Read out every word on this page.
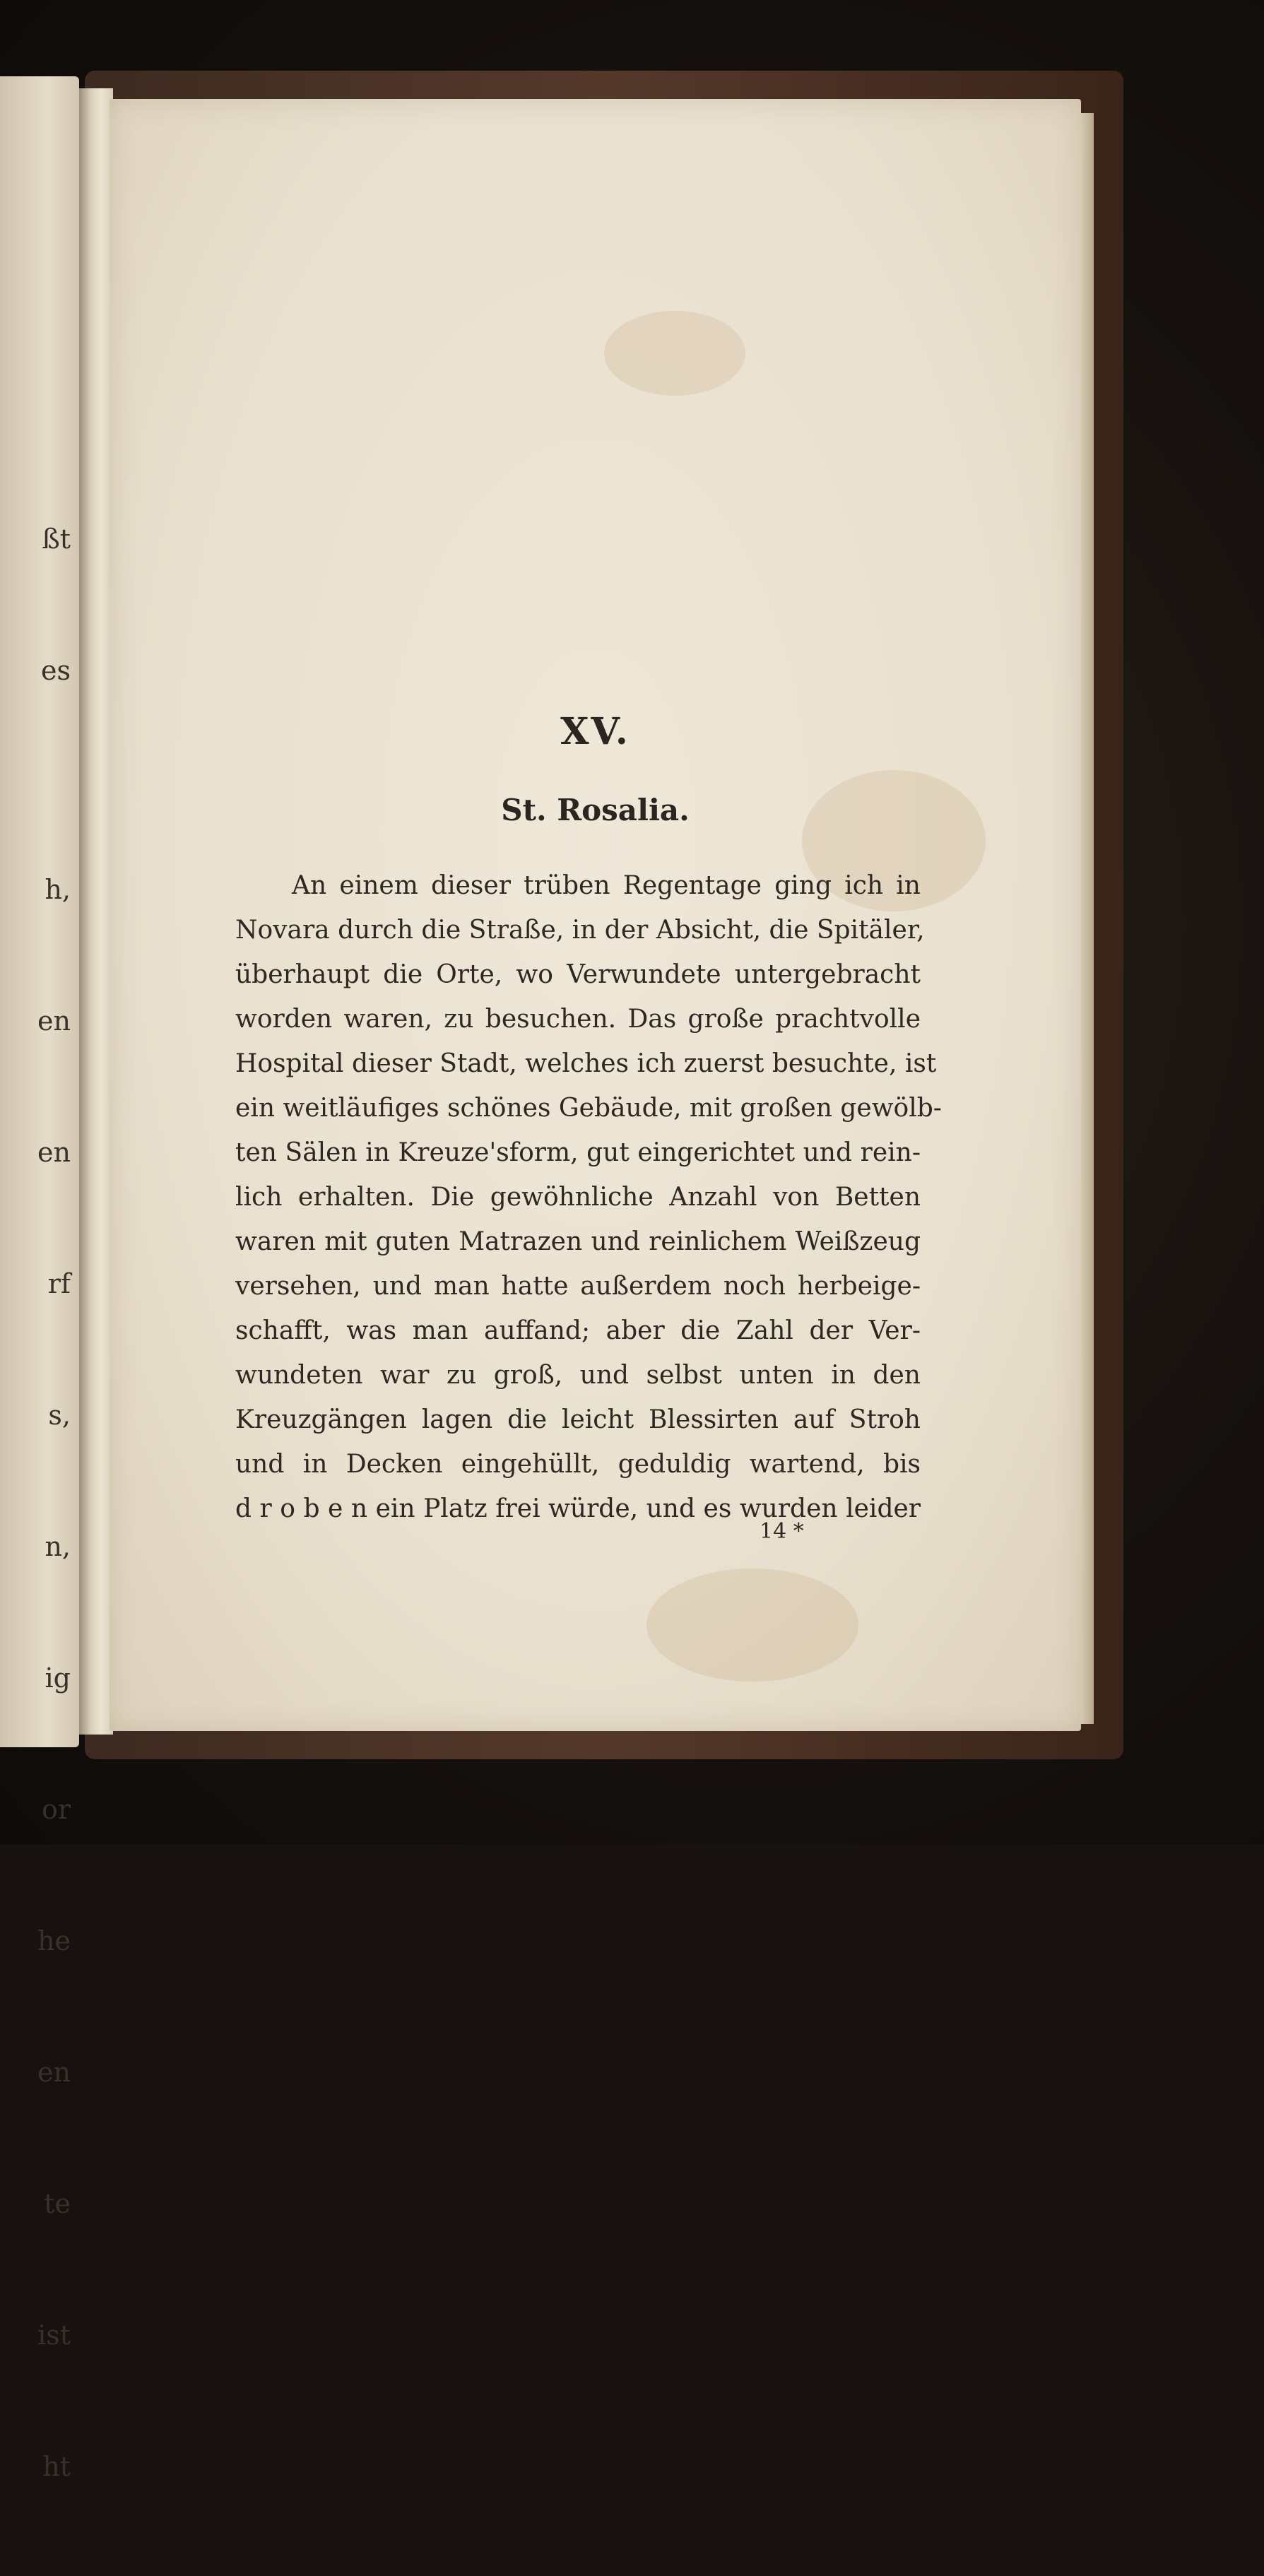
ßt

es

h,

en

en

rf

s,

n,

ig

or

he

en

te

ist

ht

XV.
St. Rosalia.
An einem dieser trüben Regentage ging ich in
Novara durch die Straße, in der Absicht, die Spitäler,
überhaupt die Orte, wo Verwundete untergebracht
worden waren, zu besuchen. Das große prachtvolle
Hospital dieser Stadt, welches ich zuerst besuchte, ist
ein weitläufiges schönes Gebäude, mit großen gewölb-
ten Sälen in Kreuze'sform, gut eingerichtet und rein-
lich erhalten. Die gewöhnliche Anzahl von Betten
waren mit guten Matrazen und reinlichem Weißzeug
versehen, und man hatte außerdem noch herbeige-
schafft, was man auffand; aber die Zahl der Ver-
wundeten war zu groß, und selbst unten in den
Kreuzgängen lagen die leicht Blessirten auf Stroh
und in Decken eingehüllt, geduldig wartend, bis
d r o b e n ein Platz frei würde, und es wurden leider
14 *
